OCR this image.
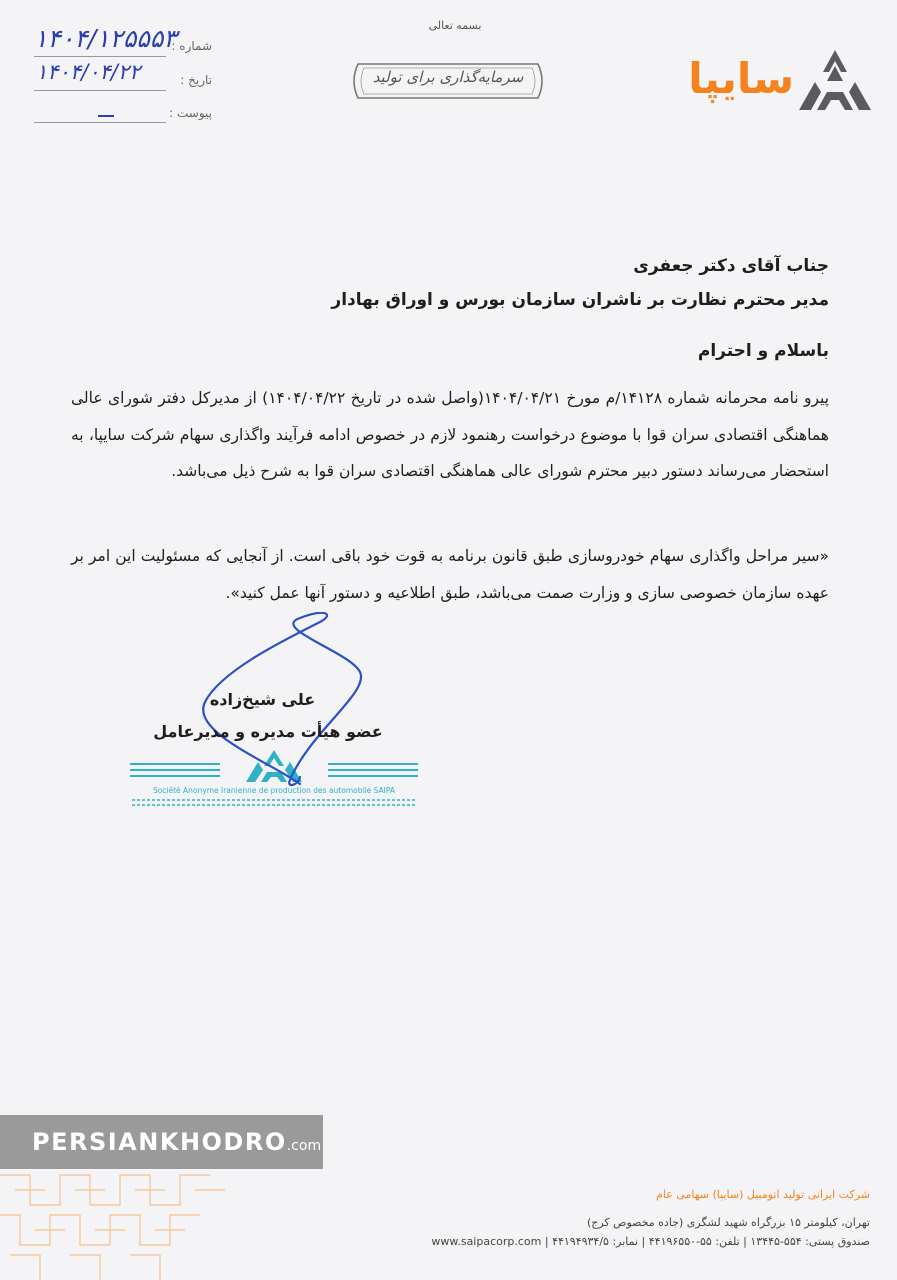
بسمه تعالی
سرمایه‌گذاری برای تولید	سایپا
شماره :
۱۴۰۴/۱۲۵۵۵۳
تاریخ :
۱۴۰۴/۰۴/۲۲
پیوست :
جناب آقای دکتر جعفری
مدیر محترم نظارت بر ناشران سازمان بورس و اوراق بهادار
باسلام و احترام
پیرو نامه محرمانه شماره ۱۴۱۲۸/م مورخ ۱۴۰۴/۰۴/۲۱(واصل شده در تاریخ ۱۴۰۴/۰۴/۲۲) از مدیرکل دفتر شورای عالی هماهنگی اقتصادی سران قوا با موضوع درخواست رهنمود لازم در خصوص ادامه فرآیند واگذاری سهام شرکت سایپا، به استحضار می‌رساند دستور دبیر محترم شورای عالی هماهنگی اقتصادی سران قوا به شرح ذیل می‌باشد.
«سیر مراحل واگذاری سهام خودروسازی طبق قانون برنامه به قوت خود باقی است. از آنجایی که مسئولیت این امر بر عهده سازمان خصوصی سازی و وزارت صمت می‌باشد، طبق اطلاعیه و دستور آنها عمل کنید».
Société Anonyme Iranienne de production des automobile SAIPA
علی شیخ‌زاده
عضو هیأت مدیره و مدیرعامل
PERSIANKHODRO.com
شرکت ایرانی تولید اتومبیل (سایپا) سهامی عام
تهران، کیلومتر ۱۵ بزرگراه شهید لشگری (جاده مخصوص کرج)
صندوق پستی: ۵۵۴-۱۳۴۴۵ | تلفن: ۵۵-۴۴۱۹۶۵۵۰ | نمابر: ۴۴۱۹۴۹۳۴/۵ | www.saipacorp.com
